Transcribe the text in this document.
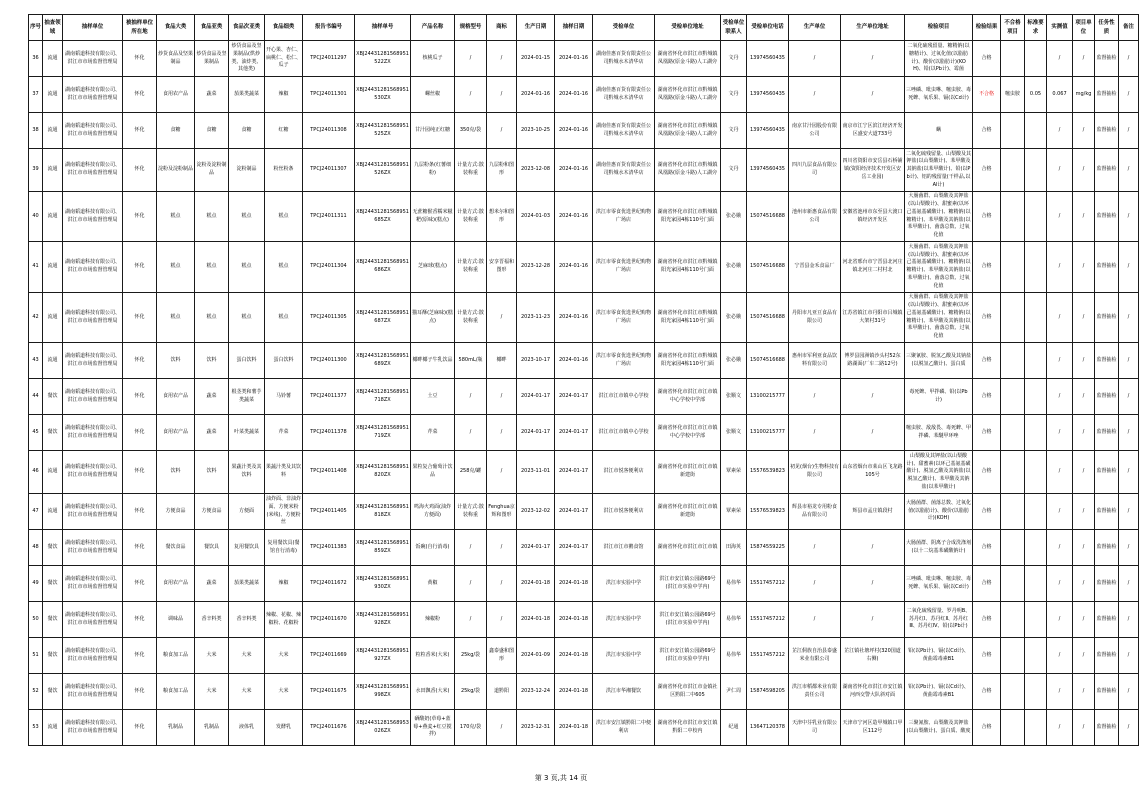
序号	抽查领域	抽样单位	被抽样单位所在地	食品大类	食品亚类	食品次亚类	食品细类	报告书编号	抽样单号	产品名称	规格型号	商标	生产日期	抽样日期	受检单位	受检单位地址	受检单位联系人	受检单位电话	生产单位	生产单位地址	检验项目	检验结果	不合格项目	标准要求	实测值	项目单位	任务性质	备注
36	流通	湖南韬道科技有限公司、洪江市市场监督管理局	怀化	炒货食品及坚果制品	炒货食品及坚果制品	炒货食品及坚果制品(烘炒类、油炸类、其他类)	开心果、杏仁、扁桃仁、松仁、瓜子	TPCJ24011297	XBJ24431281568951522ZX	核桃瓜子	/	/	2024-01-15	2024-01-16	湖南佳惠百货有限责任公司黔城水木清华店	湖南省怀化市洪江市黔城镇凤凰路(原金斗路)人工湖旁	文丹	13974560435	/	/	二氧化硫残留量、糖精钠(以糖精计)、过氧化值(以脂肪计)、酸价(以脂肪计)(KOH)、铅(以Pb计)、霉菌	合格			/	/	监督抽检	/
37	流通	湖南韬道科技有限公司、洪江市市场监督管理局	怀化	食用农产品	蔬菜	茄果类蔬菜	辣椒	TPCJ24011301	XBJ24431281568951530ZX	螺丝椒	/	/	2024-01-16	2024-01-16	湖南佳惠百货有限责任公司黔城水木清华店	湖南省怀化市洪江市黔城镇凤凰路(原金斗路)人工湖旁	文丹	13974560435	/	/	三唑磷、吡虫啉、噻虫胺、毒死蜱、氧乐果、镉(以Cd计)	不合格	噻虫胺	0.05	0.067	mg/kg	监督抽检	/
38	流通	湖南韬道科技有限公司、洪江市市场监督管理局	怀化	食糖	食糖	食糖	红糖	TPCJ24011308	XBJ24431281568951525ZX	甘汁园纯正红糖	350克/袋	/	2023-10-25	2024-01-16	湖南佳惠百货有限责任公司黔城水木清华店	湖南省怀化市洪江市黔城镇凤凰路(原金斗路)人工湖旁	文丹	13974560435	南京甘汁园股份有限公司	南京市江宁区滨江经济开发区盛安大道733号	螨	合格			/	/	监督抽检	/
39	流通	湖南韬道科技有限公司、洪江市市场监督管理局	怀化	淀粉及淀粉制品	淀粉及淀粉制品	淀粉制品	粉丝粉条	TPCJ24011307	XBJ24431281568951526ZX	九层粉条(红薯细粉)	计量方式:散装称重	九层粉和图形	2023-12-08	2024-01-16	湖南佳惠百货有限责任公司黔城水木清华店	湖南省怀化市洪江市黔城镇凤凰路(原金斗路)人工湖旁	文丹	13974560435	四川九层食品有限公司	四川省资阳市安岳县石桥铺镇(资阳经济技术开发区安岳工业园)	二氧化硫残留量、山梨酸及其钾盐(以山梨酸计)、苯甲酸及其钠盐(以苯甲酸计)、铅(以Pb计)、铝的残留量(干样品,以Al计)	合格			/	/	监督抽检	/
40	流通	湖南韬道科技有限公司、洪江市市场监督管理局	怀化	糕点	糕点	糕点	糕点	TPCJ24011311	XBJ24431281568951685ZX	无蔗糖猴香糯米糍粑(原味)(糕点)	计量方式:散装称重	想米尔和图形	2024-01-03	2024-01-16	洪江市零食优选世纪购物广场店	湖南省怀化市洪江市黔城镇阳光家园4栋110号门面	张必娥	15074516688	池州市新惠食品有限公司	安徽省池州市东至县大渡口镇经济开发区	大肠菌群、山梨酸及其钾盐(以山梨酸计)、甜蜜素(以环己基氨基磺酸计)、糖精钠(以糖精计)、苯甲酸及其钠盐(以苯甲酸计)、菌落总数、过氧化值	合格			/	/	监督抽检	/
41	流通	湖南韬道科技有限公司、洪江市市场监督管理局	怀化	糕点	糕点	糕点	糕点	TPCJ24011304	XBJ24431281568951686ZX	芝麻球(糕点)	计量方式:散装称重	安享晋福和图形	2023-12-28	2024-01-16	洪江市零食优选世纪购物广场店	湖南省怀化市洪江市黔城镇阳光家园4栋110号门面	张必娥	15074516688	宁晋县金禾食品厂	河北省邢台市宁晋县北河庄镇北河庄二村村北	大肠菌群、山梨酸及其钾盐(以山梨酸计)、甜蜜素(以环己基氨基磺酸计)、糖精钠(以糖精计)、苯甲酸及其钠盐(以苯甲酸计)、菌落总数、过氧化值	合格			/	/	监督抽检	/
42	流通	湖南韬道科技有限公司、洪江市市场监督管理局	怀化	糕点	糕点	糕点	糕点	TPCJ24011305	XBJ24431281568951687ZX	猫耳酥(芝麻味)(糕点)	计量方式:散装称重	/	2023-11-23	2024-01-16	洪江市零食优选世纪购物广场店	湖南省怀化市洪江市黔城镇阳光家园4栋110号门面	张必娥	15074516688	丹阳市凡亚豆食品有限公司	江苏省镇江市丹阳市吕城镇大架村31号	大肠菌群、山梨酸及其钾盐(以山梨酸计)、甜蜜素(以环己基氨基磺酸计)、糖精钠(以糖精计)、苯甲酸及其钠盐(以苯甲酸计)、菌落总数、过氧化值	合格			/	/	监督抽检	/
43	流通	湖南韬道科技有限公司、洪江市市场监督管理局	怀化	饮料	饮料	蛋白饮料	蛋白饮料	TPCJ24011300	XBJ24431281568951689ZX	椰畔椰子牛乳饮品	580mL/瓶	椰畔	2023-10-17	2024-01-16	洪江市零食优选世纪购物广场店	湖南省怀化市洪江市黔城镇阳光家园4栋110号门面	张必娥	15074516688	惠州市军利亚食品饮料有限公司	博罗县园洲镇沙头村52东路湖面(厂车二路12号)	三聚氰胺、脱氢乙酸及其钠盐(以脱氢乙酸计)、蛋白质	合格			/	/	监督抽检	/
44	餐饮	湖南韬道科技有限公司、洪江市市场监督管理局	怀化	食用农产品	蔬菜	根茎类和薯芋类蔬菜	马铃薯	TPCJ24011377	XBJ24431281568951718ZX	土豆	/	/	2024-01-17	2024-01-17	洪江市江市镇中心学校	湖南省怀化市洪江市江市镇中心学校中学部	张顺文	13100215777	/	/	毒死蜱、甲拌磷、铅(以Pb计)	合格			/	/	监督抽检	/
45	餐饮	湖南韬道科技有限公司、洪江市市场监督管理局	怀化	食用农产品	蔬菜	叶菜类蔬菜	芹菜	TPCJ24011378	XBJ24431281568951719ZX	芹菜	/	/	2024-01-17	2024-01-17	洪江市江市镇中心学校	湖南省怀化市洪江市江市镇中心学校中学部	张顺文	13100215777	/	/	噻虫胺、敌敌畏、毒死蜱、甲拌磷、苯醚甲环唑	合格			/	/	监督抽检	/
46	流通	湖南韬道科技有限公司、洪江市市场监督管理局	怀化	饮料	饮料	果蔬汁类及其饮料	果蔬汁类及其饮料	TPCJ24011408	XBJ24431281568951820ZX	果粒复合葡萄汁饮品	258克/罐	/	2023-11-01	2024-01-17	洪江市悦客便利店	湖南省怀化市洪江市江市镇新建街	覃素荣	15576539823	初见(烟台)生物科技有限公司	山东省烟台市莱山区飞龙路105号	山梨酸及其钾盐(以山梨酸计)、甜蜜素(以环己基氨基磺酸计)、脱氢乙酸及其钠盐(以脱氢乙酸计)、苯甲酸及其钠盐(以苯甲酸计)	合格			/	/	监督抽检	/
47	流通	湖南韬道科技有限公司、洪江市市场监督管理局	怀化	方便食品	方便食品	方便面	油炸面、非油炸面、方便米粉(米线)、方便粉丝	TPCJ24011405	XBJ24431281568951818ZX	鸣海火鸡面(油炸方便面)	计量方式:散装称重	Fenghua京辉和图形	2023-12-02	2024-01-17	洪江市悦客便利店	湖南省怀化市洪江市江市镇新建街	覃素荣	15576539823	辉县市裕龙专用粉食品有限公司	辉县市孟庄镇段村	大肠菌群、菌落总数、过氧化值(以脂肪计)、酸价(以脂肪计)(KOH)	合格			/	/	监督抽检	/
48	餐饮	湖南韬道科技有限公司、洪江市市场监督管理局	怀化	餐饮食品	餐饮具	复用餐饮具	复用餐饮具(餐馆自行消毒)	TPCJ24011383	XBJ24431281568951859ZX	饭碗(自行消毒)	/	/	2024-01-17	2024-01-17	洪江市江市鹅食馆	湖南省怀化市洪江市江市镇	田海英	15874559225	/	/	大肠菌群、阴离子合成洗涤剂(以十二烷基苯磺酸钠计)	合格			/	/	监督抽检	/
49	餐饮	湖南韬道科技有限公司、洪江市市场监督管理局	怀化	食用农产品	蔬菜	茄果类蔬菜	辣椒	TPCJ24011672	XBJ24431281568951930ZX	黄椒	/	/	2024-01-18	2024-01-18	洪江市实验中学	洪江市安江镇公园路69号(洪江市实验中学内)	易伟华	15517457212	/	/	三唑磷、吡虫啉、噻虫胺、毒死蜱、氧乐果、镉(以Cd计)	合格			/	/	监督抽检	/
50	餐饮	湖南韬道科技有限公司、洪江市市场监督管理局	怀化	调味品	香辛料类	香辛料类	辣椒、花椒、辣椒粉、花椒粉	TPCJ24011670	XBJ24431281568951928ZX	辣椒粉	/	/	2024-01-18	2024-01-18	洪江市实验中学	洪江市安江镇公园路69号(洪江市实验中学内)	易伟华	15517457212	/	/	二氧化硫残留量、罗丹明B、苏丹红Ⅰ、苏丹红Ⅱ、苏丹红Ⅲ、苏丹红Ⅳ、铅(以Pb计)	合格			/	/	监督抽检	/
51	餐饮	湖南韬道科技有限公司、洪江市市场监督管理局	怀化	粮食加工品	大米	大米	大米	TPCJ24011669	XBJ24431281568951927ZX	粒粒香米(大米)	25kg/袋	鑫泰盛和图形	2024-01-09	2024-01-18	洪江市实验中学	洪江市安江镇公园路69号(洪江市实验中学内)	易伟华	15517457212	芷江侗族自治县泰盛米业有限公司	芷江镇社塘坪村(320国道右侧)	铅(以Pb计)、镉(以Cd计)、黄曲霉毒素B1	合格			/	/	监督抽检	/
52	餐饮	湖南韬道科技有限公司、洪江市市场监督管理局	怀化	粮食加工品	大米	大米	大米	TPCJ24011675	XBJ24431281568951998ZX	水田飘香(大米)	25kg/袋	道黔阳	2023-12-24	2024-01-18	洪江市华湘餐饮	湖南省怀化市洪江市金镇社区黔阳二中605	尹仁周	15874598205	洪江市稻都米业有限责任公司	湖南省怀化市洪江市安江镇河西交警大队斜对面	铅(以Pb计)、镉(以Cd计)、黄曲霉毒素B1	合格			/	/	监督抽检	/
53	流通	湖南韬道科技有限公司、洪江市市场监督管理局	怀化	乳制品	乳制品	液体乳	发酵乳	TPCJ24011676	XBJ24431281568953026ZX	硒酸奶(草莓+蓝莓+燕麦+红豆搅拌)	170克/袋	/	2023-12-31	2024-01-18	洪江市安江镇黔阳二中便利店	湖南省怀化市洪江市安江镇黔阳二中校内	纪通	13647120378	天津中芬乳业有限公司	天津市宁河区造甲城镇口甲区112号	三聚氰胺、山梨酸及其钾盐(以山梨酸计)、蛋白质、酸度	合格			/	/	监督抽检	/
第 3 页,共 14 页
